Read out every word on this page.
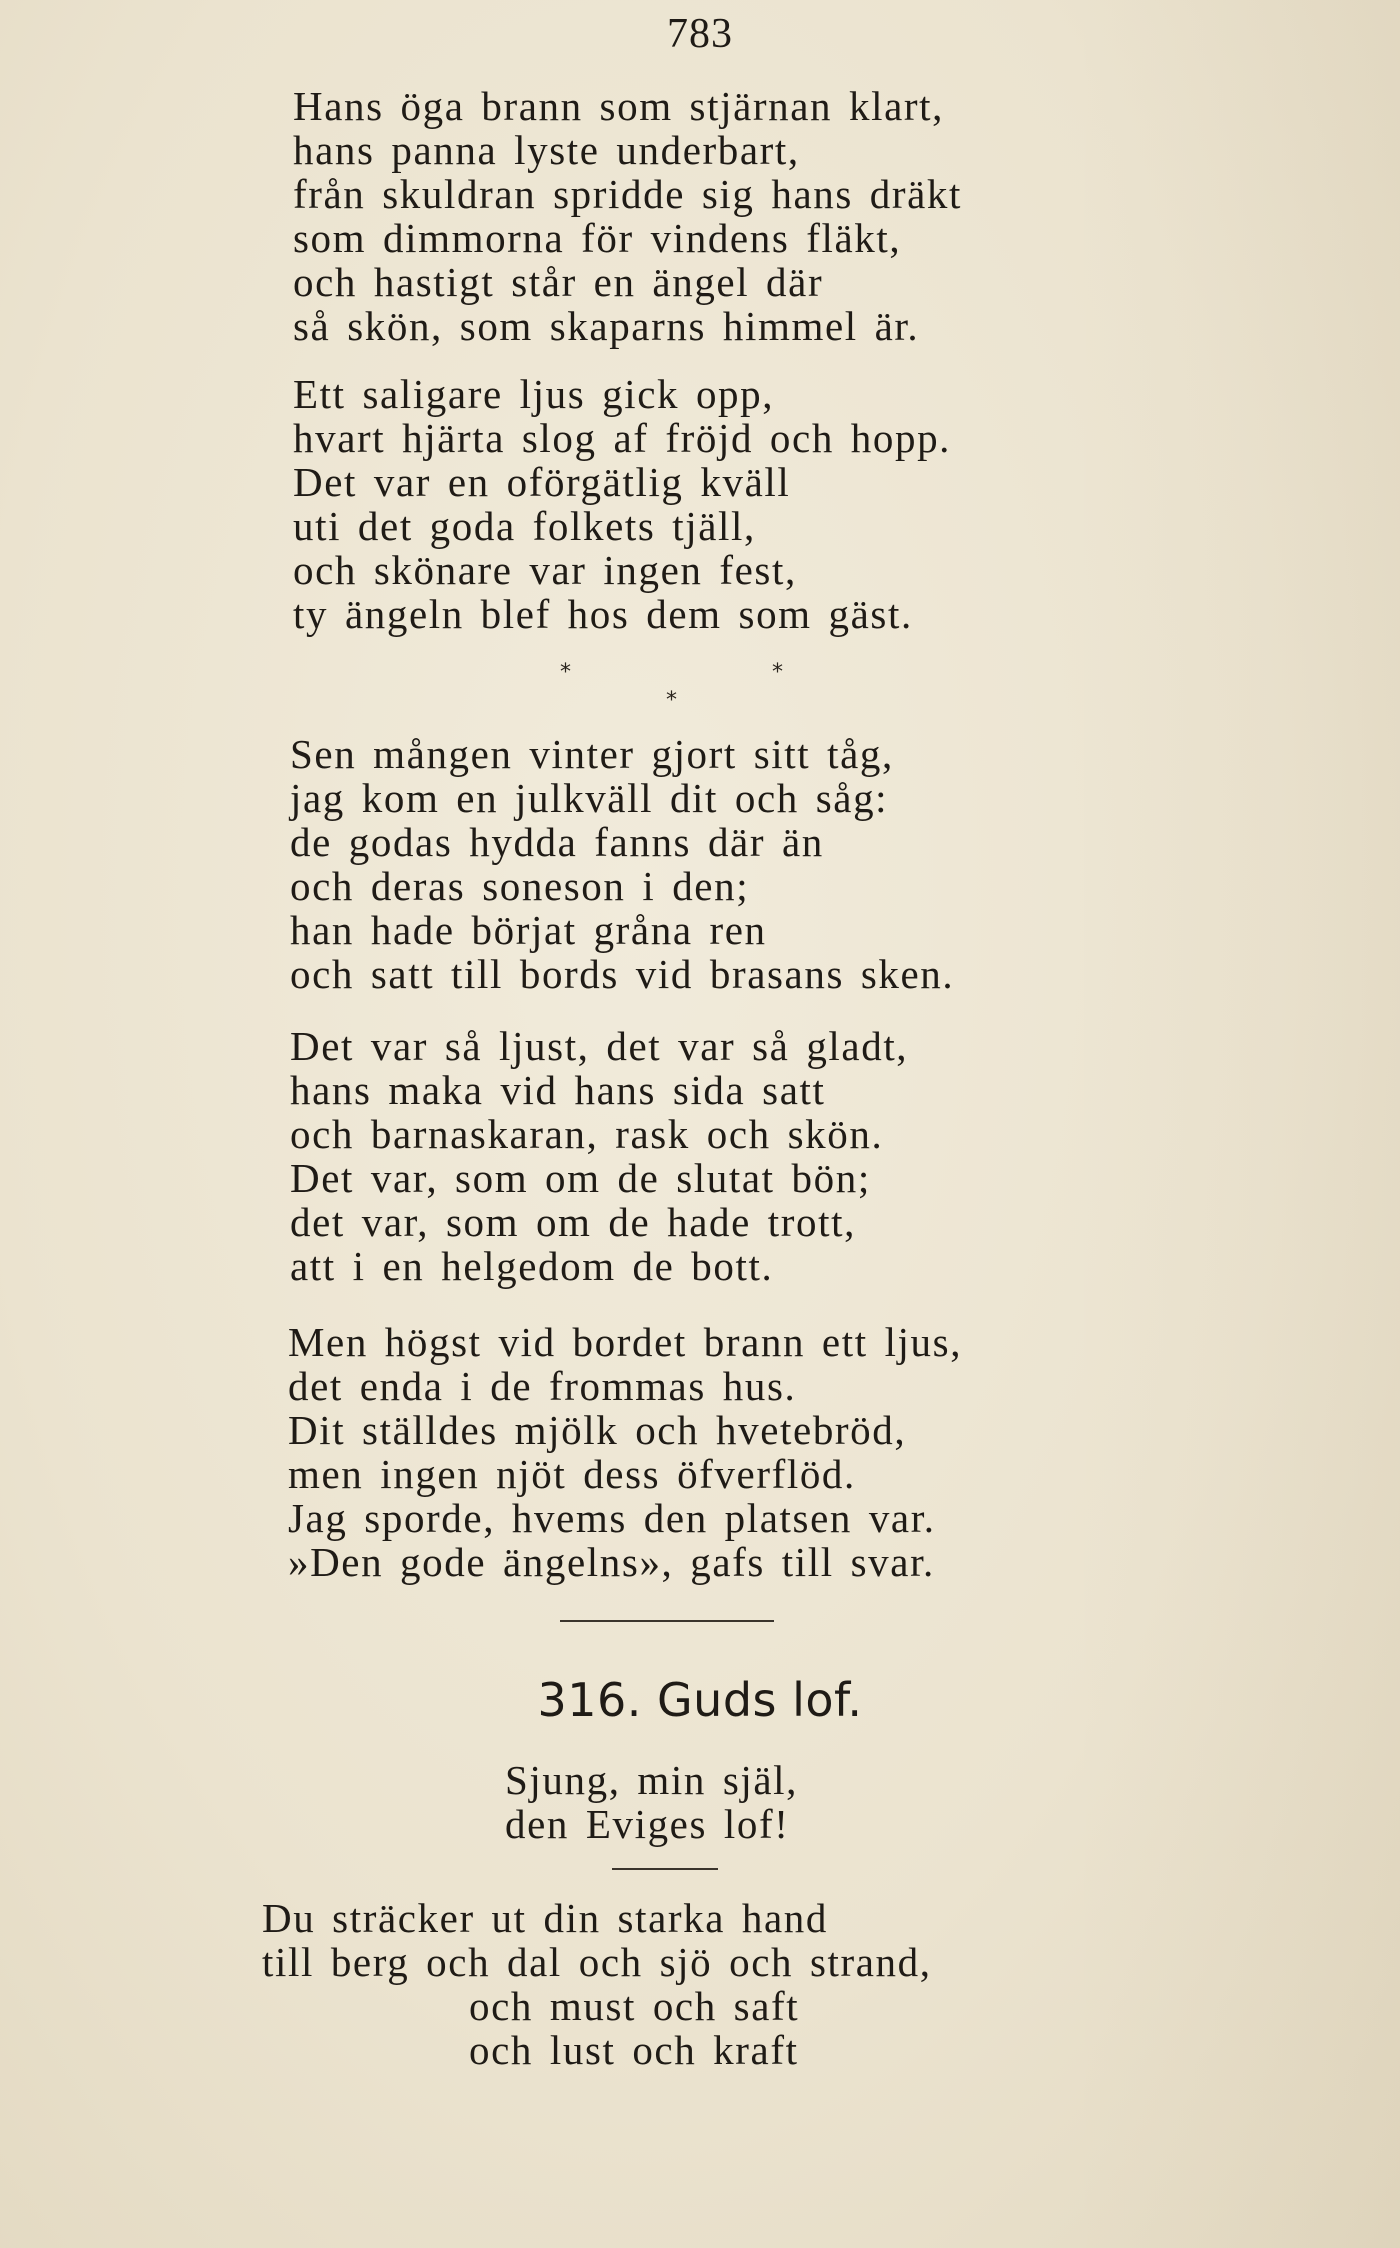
783
Hans öga brann som stjärnan klart,
hans panna lyste underbart,
från skuldran spridde sig hans dräkt
som dimmorna för vindens fläkt,
och hastigt står en ängel där
så skön, som skaparns himmel är.
Ett saligare ljus gick opp,
hvart hjärta slog af fröjd och hopp.
Det var en oförgätlig kväll
uti det goda folkets tjäll,
och skönare var ingen fest,
ty ängeln blef hos dem som gäst.
*	*
*
Sen mången vinter gjort sitt tåg,
jag kom en julkväll dit och såg:
de godas hydda fanns där än
och deras soneson i den;
han hade börjat gråna ren
och satt till bords vid brasans sken.
Det var så ljust, det var så gladt,
hans maka vid hans sida satt
och barnaskaran, rask och skön.
Det var, som om de slutat bön;
det var, som om de hade trott,
att i en helgedom de bott.
Men högst vid bordet brann ett ljus,
det enda i de frommas hus.
Dit ställdes mjölk och hvetebröd,
men ingen njöt dess öfverflöd.
Jag sporde, hvems den platsen var.
»Den gode ängelns», gafs till svar.
316. Guds lof.
Sjung, min själ,
den Eviges lof!
Du sträcker ut din starka hand
till berg och dal och sjö och strand,
och must och saft
och lust och kraft
